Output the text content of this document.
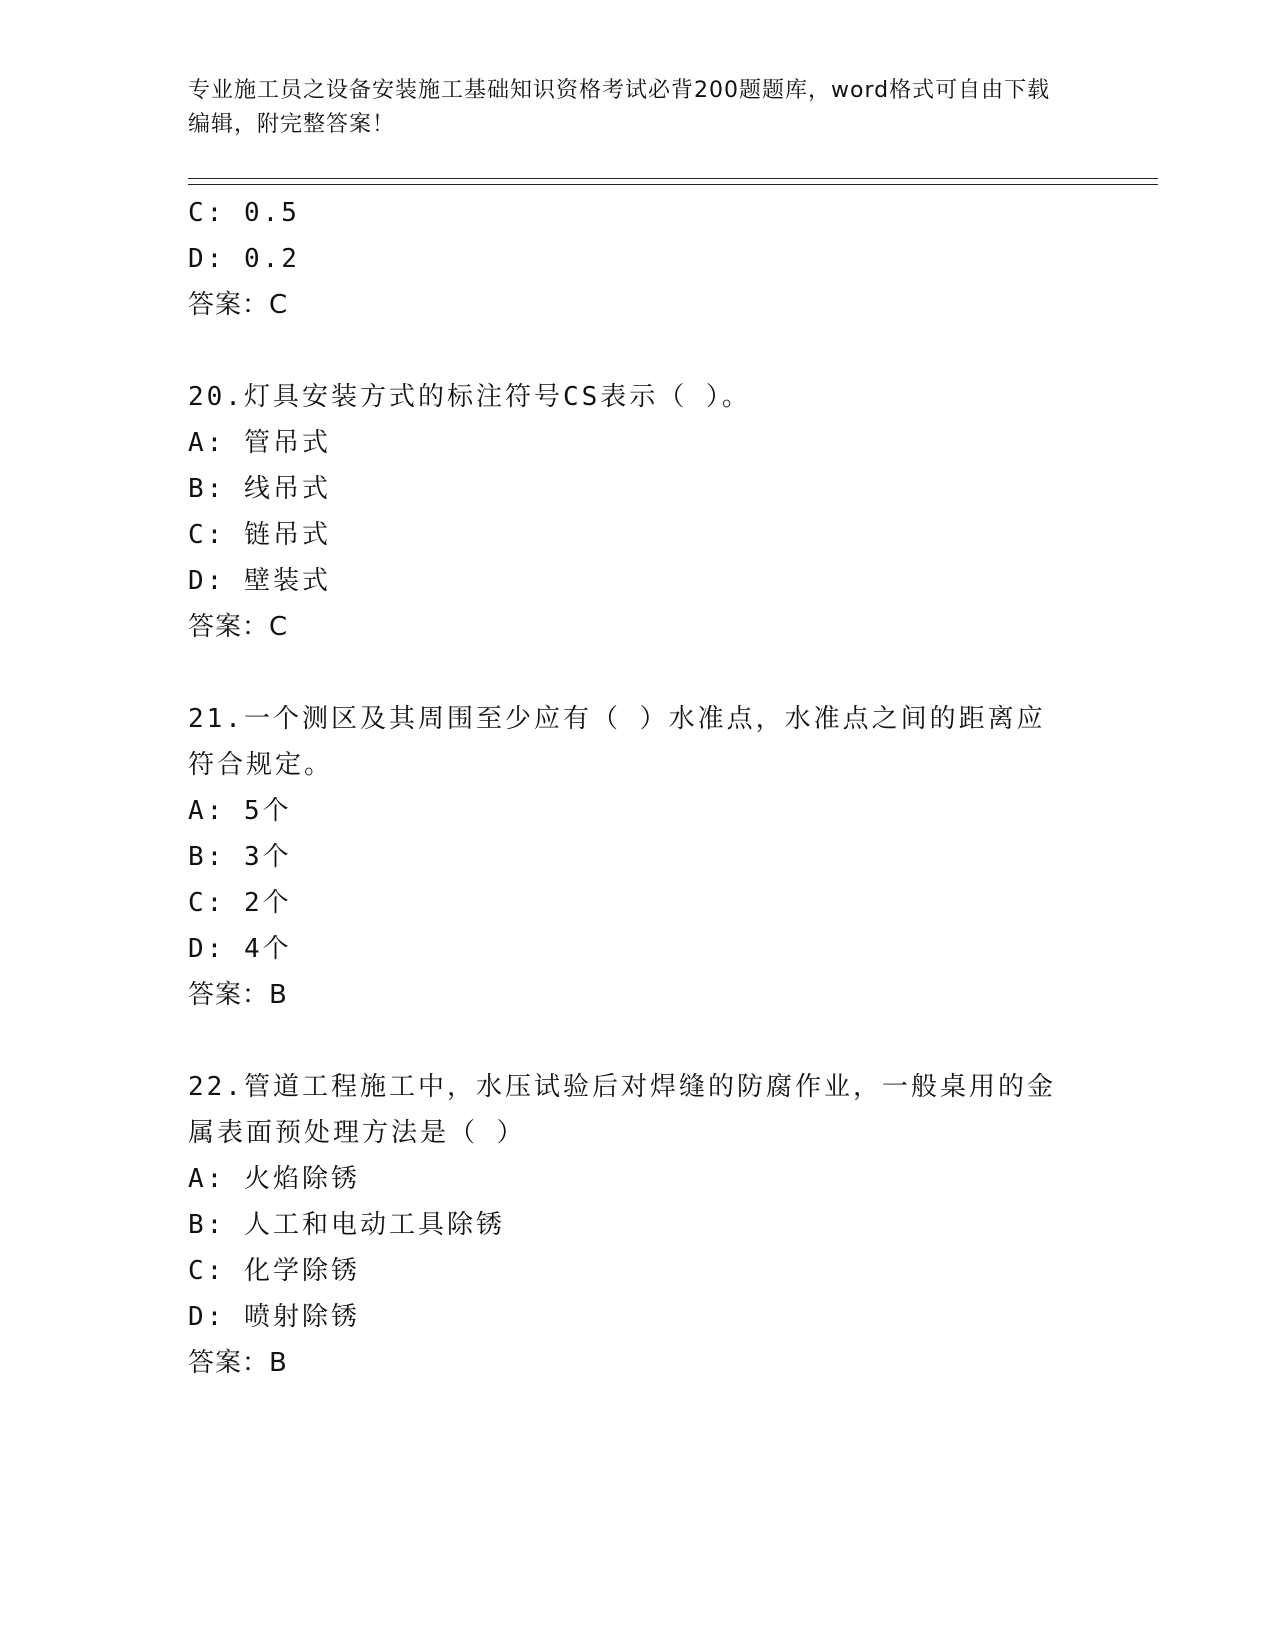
专业施工员之设备安装施工基础知识资格考试必背200题题库，word格式可自由下载编辑，附完整答案！
C: 0.5
D: 0.2
答案：C
20.灯具安装方式的标注符号CS表示（ ）。
A: 管吊式
B: 线吊式
C: 链吊式
D: 壁装式
答案：C
21.一个测区及其周围至少应有（ ）水准点，水准点之间的距离应符合规定。
A: 5个
B: 3个
C: 2个
D: 4个
答案：B
22.管道工程施工中，水压试验后对焊缝的防腐作业，一般桌用的金属表面预处理方法是（ ）
A: 火焰除锈
B: 人工和电动工具除锈
C: 化学除锈
D: 喷射除锈
答案：B
